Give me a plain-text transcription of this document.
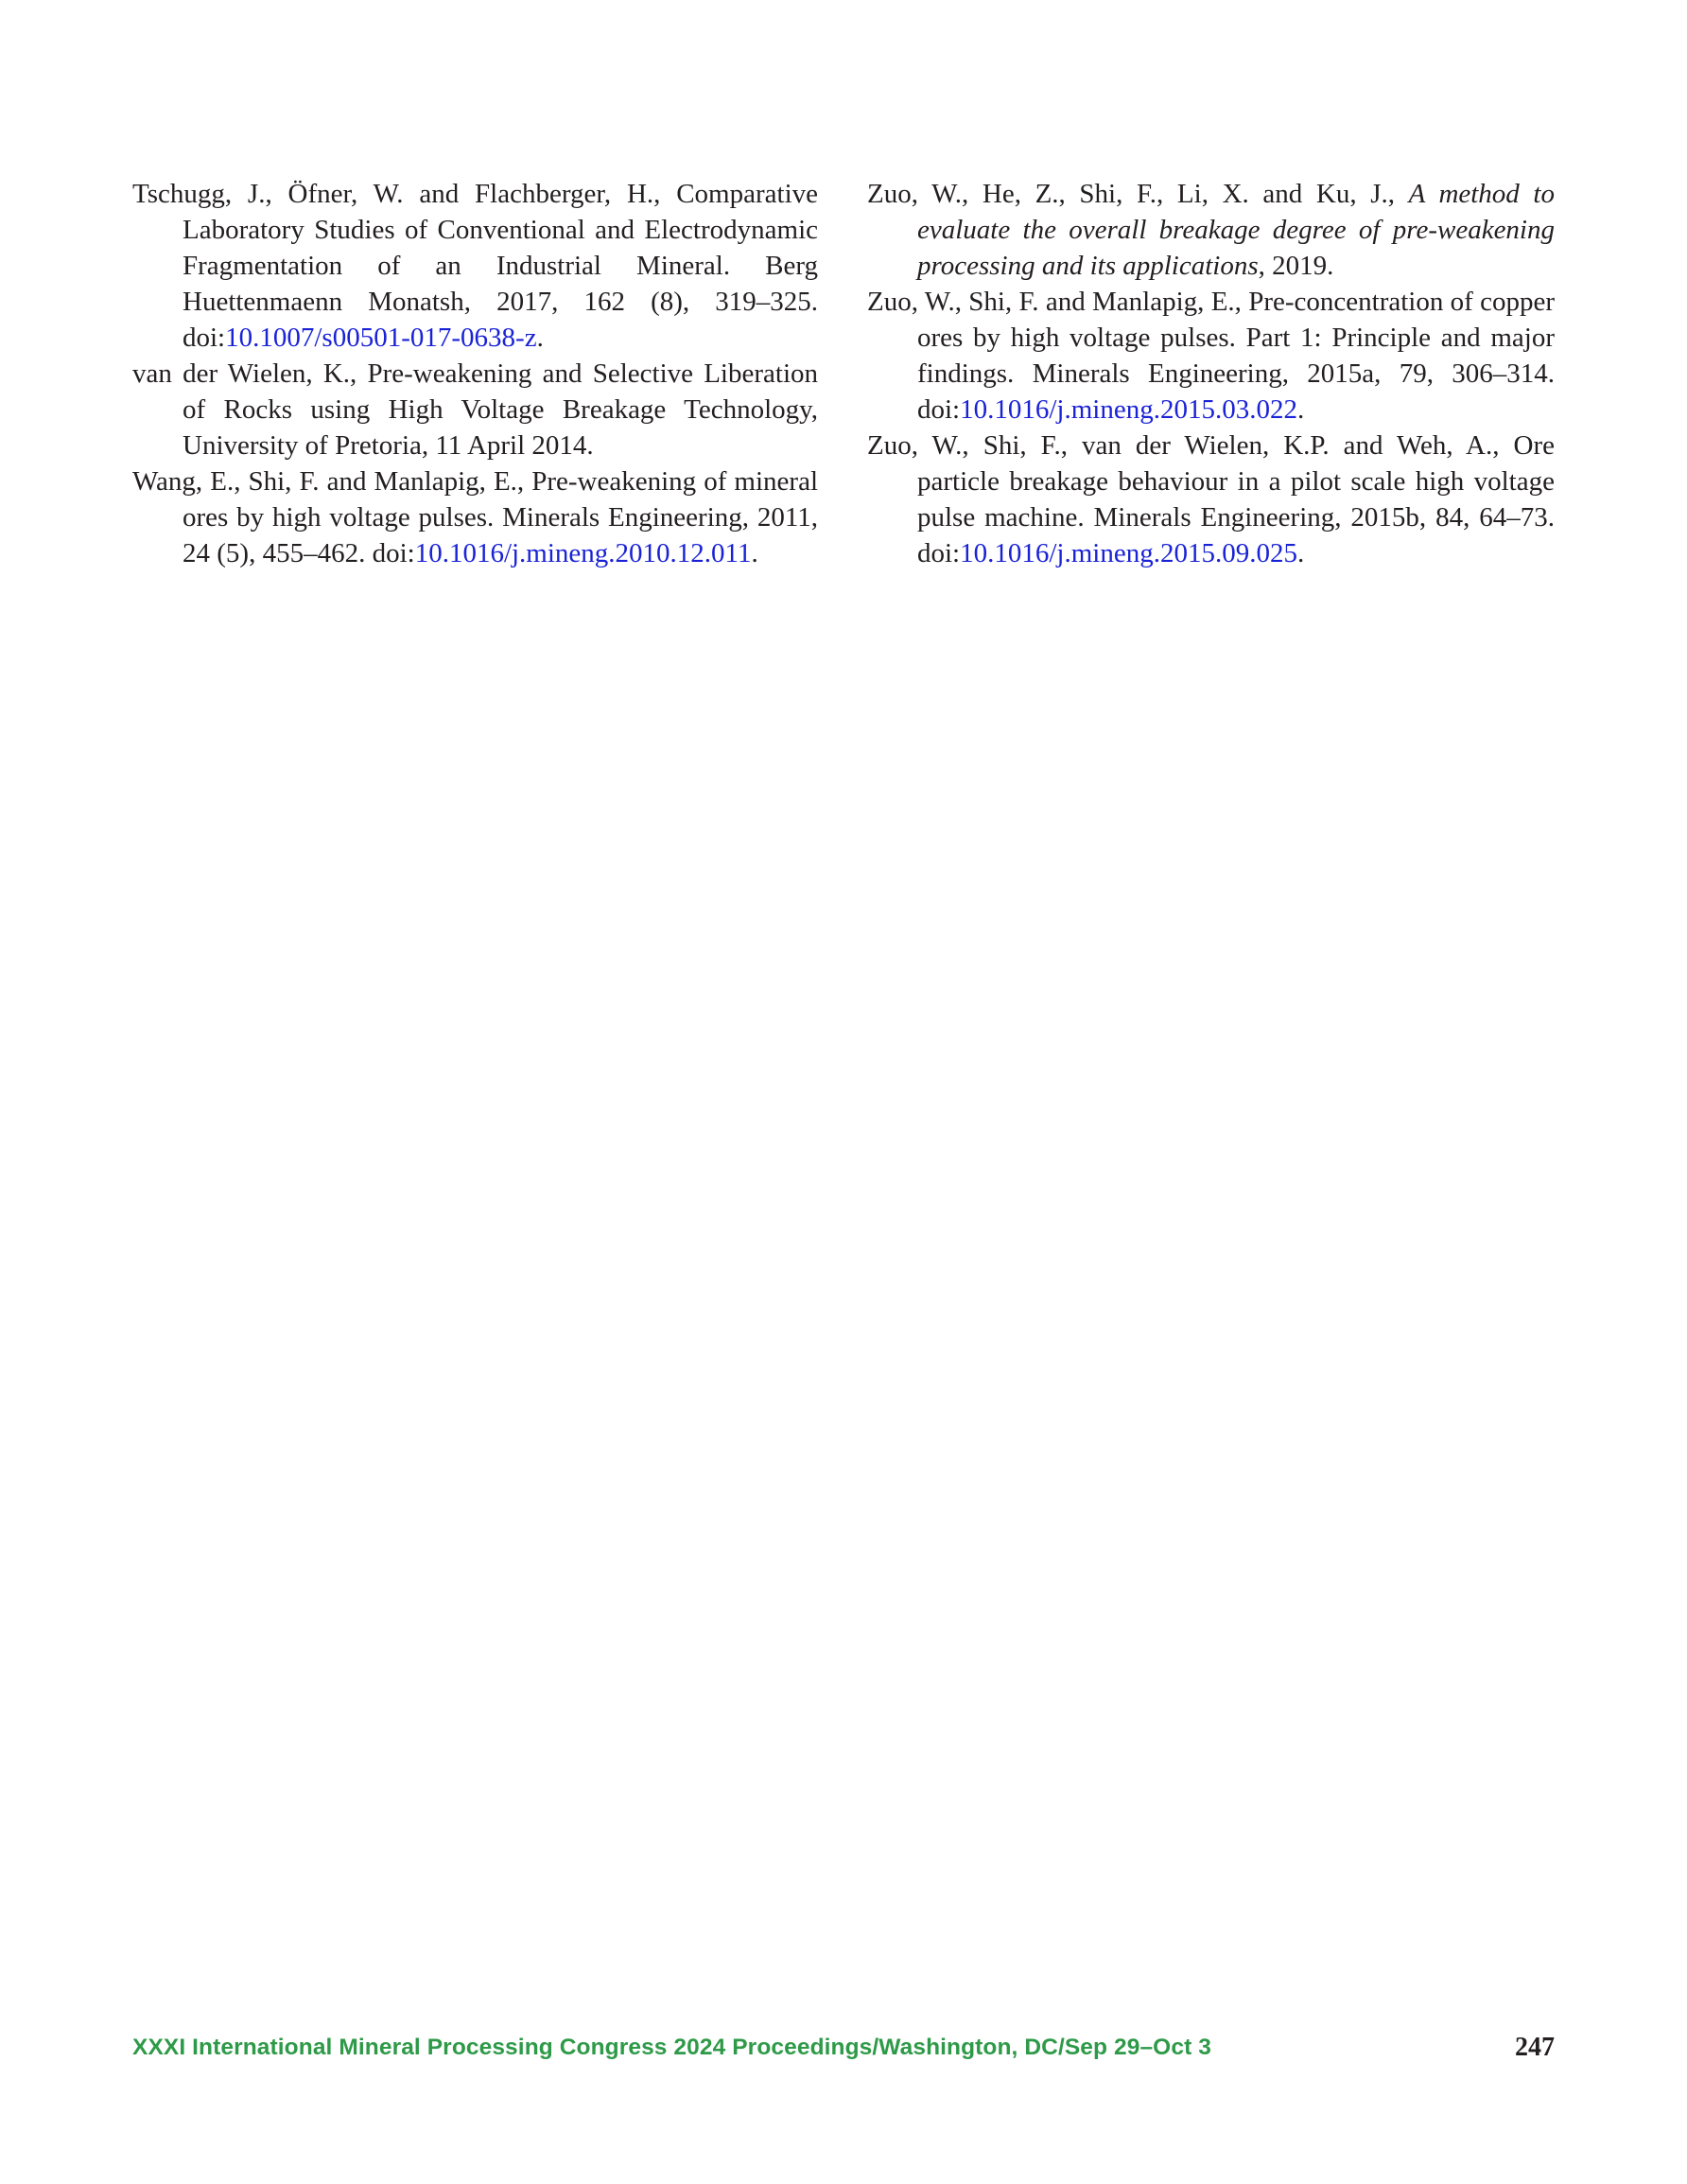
Tschugg, J., Öfner, W. and Flachberger, H., Comparative Laboratory Studies of Conventional and Electrodynamic Fragmentation of an Industrial Mineral. Berg Huettenmaenn Monatsh, 2017, 162 (8), 319–325. doi:10.1007/s00501-017-0638-z.

van der Wielen, K., Pre-weakening and Selective Liberation of Rocks using High Voltage Breakage Technology, University of Pretoria, 11 April 2014.

Wang, E., Shi, F. and Manlapig, E., Pre-weakening of mineral ores by high voltage pulses. Minerals Engineering, 2011, 24 (5), 455–462. doi:10.1016/j.mineng.2010.12.011.

Zuo, W., He, Z., Shi, F., Li, X. and Ku, J., A method to evaluate the overall breakage degree of pre-weakening processing and its applications, 2019.

Zuo, W., Shi, F. and Manlapig, E., Pre-concentration of copper ores by high voltage pulses. Part 1: Principle and major findings. Minerals Engineering, 2015a, 79, 306–314. doi:10.1016/j.mineng.2015.03.022.

Zuo, W., Shi, F., van der Wielen, K.P. and Weh, A., Ore particle breakage behaviour in a pilot scale high voltage pulse machine. Minerals Engineering, 2015b, 84, 64–73. doi:10.1016/j.mineng.2015.09.025.

XXXI International Mineral Processing Congress 2024 Proceedings/Washington, DC/Sep 29–Oct 3	247
